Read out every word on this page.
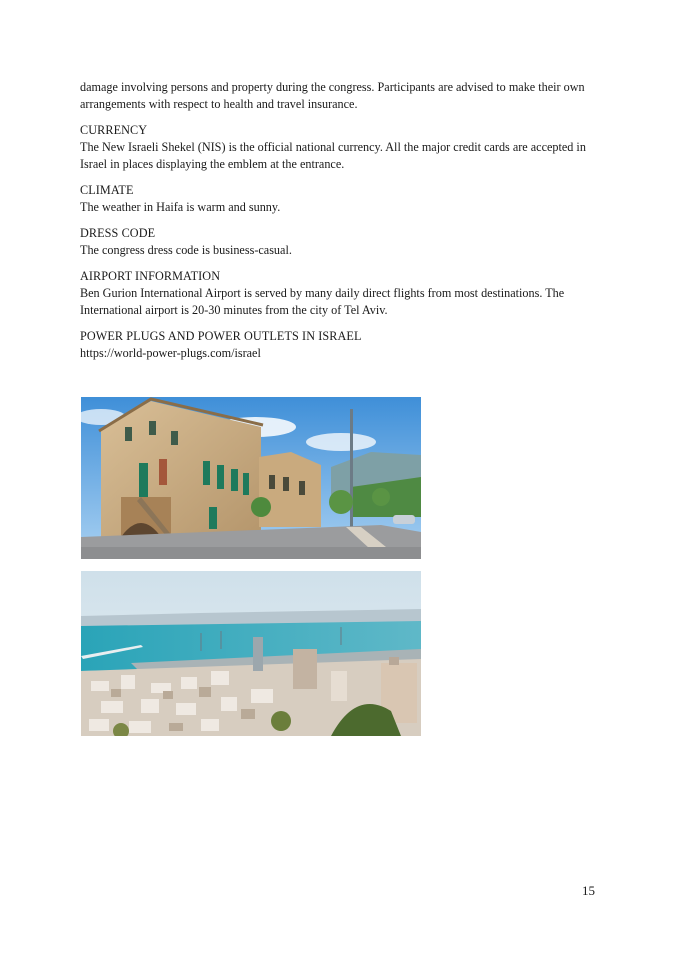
damage involving persons and property during the congress. Participants are advised to make their own arrangements with respect to health and travel insurance.

CURRENCY

The New Israeli Shekel (NIS) is the official national currency. All the major credit cards are accepted in Israel in places displaying the emblem at the entrance.

CLIMATE

The weather in Haifa is warm and sunny.

DRESS CODE

The congress dress code is business-casual.

AIRPORT INFORMATION

Ben Gurion International Airport is served by many daily direct flights from most destinations. The International airport is 20-30 minutes from the city of Tel Aviv.

POWER PLUGS AND POWER OUTLETS IN ISRAEL

https://world-power-plugs.com/israel

15
